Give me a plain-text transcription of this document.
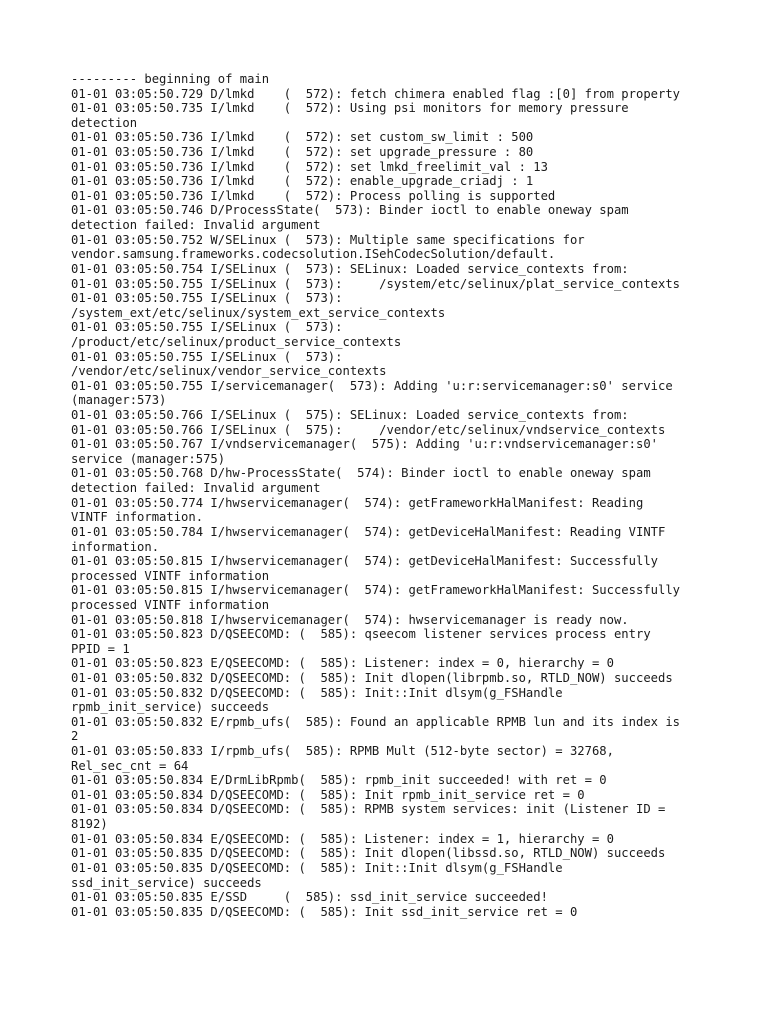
--------- beginning of main
01-01 03:05:50.729 D/lmkd    (  572): fetch chimera enabled flag :[0] from property
01-01 03:05:50.735 I/lmkd    (  572): Using psi monitors for memory pressure
detection
01-01 03:05:50.736 I/lmkd    (  572): set custom_sw_limit : 500
01-01 03:05:50.736 I/lmkd    (  572): set upgrade_pressure : 80
01-01 03:05:50.736 I/lmkd    (  572): set lmkd_freelimit_val : 13
01-01 03:05:50.736 I/lmkd    (  572): enable_upgrade_criadj : 1
01-01 03:05:50.736 I/lmkd    (  572): Process polling is supported
01-01 03:05:50.746 D/ProcessState(  573): Binder ioctl to enable oneway spam
detection failed: Invalid argument
01-01 03:05:50.752 W/SELinux (  573): Multiple same specifications for
vendor.samsung.frameworks.codecsolution.ISehCodecSolution/default.
01-01 03:05:50.754 I/SELinux (  573): SELinux: Loaded service_contexts from:
01-01 03:05:50.755 I/SELinux (  573):     /system/etc/selinux/plat_service_contexts
01-01 03:05:50.755 I/SELinux (  573):
/system_ext/etc/selinux/system_ext_service_contexts
01-01 03:05:50.755 I/SELinux (  573):
/product/etc/selinux/product_service_contexts
01-01 03:05:50.755 I/SELinux (  573):
/vendor/etc/selinux/vendor_service_contexts
01-01 03:05:50.755 I/servicemanager(  573): Adding 'u:r:servicemanager:s0' service
(manager:573)
01-01 03:05:50.766 I/SELinux (  575): SELinux: Loaded service_contexts from:
01-01 03:05:50.766 I/SELinux (  575):     /vendor/etc/selinux/vndservice_contexts
01-01 03:05:50.767 I/vndservicemanager(  575): Adding 'u:r:vndservicemanager:s0'
service (manager:575)
01-01 03:05:50.768 D/hw-ProcessState(  574): Binder ioctl to enable oneway spam
detection failed: Invalid argument
01-01 03:05:50.774 I/hwservicemanager(  574): getFrameworkHalManifest: Reading
VINTF information.
01-01 03:05:50.784 I/hwservicemanager(  574): getDeviceHalManifest: Reading VINTF
information.
01-01 03:05:50.815 I/hwservicemanager(  574): getDeviceHalManifest: Successfully
processed VINTF information
01-01 03:05:50.815 I/hwservicemanager(  574): getFrameworkHalManifest: Successfully
processed VINTF information
01-01 03:05:50.818 I/hwservicemanager(  574): hwservicemanager is ready now.
01-01 03:05:50.823 D/QSEECOMD: (  585): qseecom listener services process entry
PPID = 1
01-01 03:05:50.823 E/QSEECOMD: (  585): Listener: index = 0, hierarchy = 0
01-01 03:05:50.832 D/QSEECOMD: (  585): Init dlopen(librpmb.so, RTLD_NOW) succeeds
01-01 03:05:50.832 D/QSEECOMD: (  585): Init::Init dlsym(g_FSHandle
rpmb_init_service) succeeds
01-01 03:05:50.832 E/rpmb_ufs(  585): Found an applicable RPMB lun and its index is
2
01-01 03:05:50.833 I/rpmb_ufs(  585): RPMB Mult (512-byte sector) = 32768,
Rel_sec_cnt = 64
01-01 03:05:50.834 E/DrmLibRpmb(  585): rpmb_init succeeded! with ret = 0
01-01 03:05:50.834 D/QSEECOMD: (  585): Init rpmb_init_service ret = 0
01-01 03:05:50.834 D/QSEECOMD: (  585): RPMB system services: init (Listener ID =
8192)
01-01 03:05:50.834 E/QSEECOMD: (  585): Listener: index = 1, hierarchy = 0
01-01 03:05:50.835 D/QSEECOMD: (  585): Init dlopen(libssd.so, RTLD_NOW) succeeds
01-01 03:05:50.835 D/QSEECOMD: (  585): Init::Init dlsym(g_FSHandle
ssd_init_service) succeeds
01-01 03:05:50.835 E/SSD     (  585): ssd_init_service succeeded!
01-01 03:05:50.835 D/QSEECOMD: (  585): Init ssd_init_service ret = 0
